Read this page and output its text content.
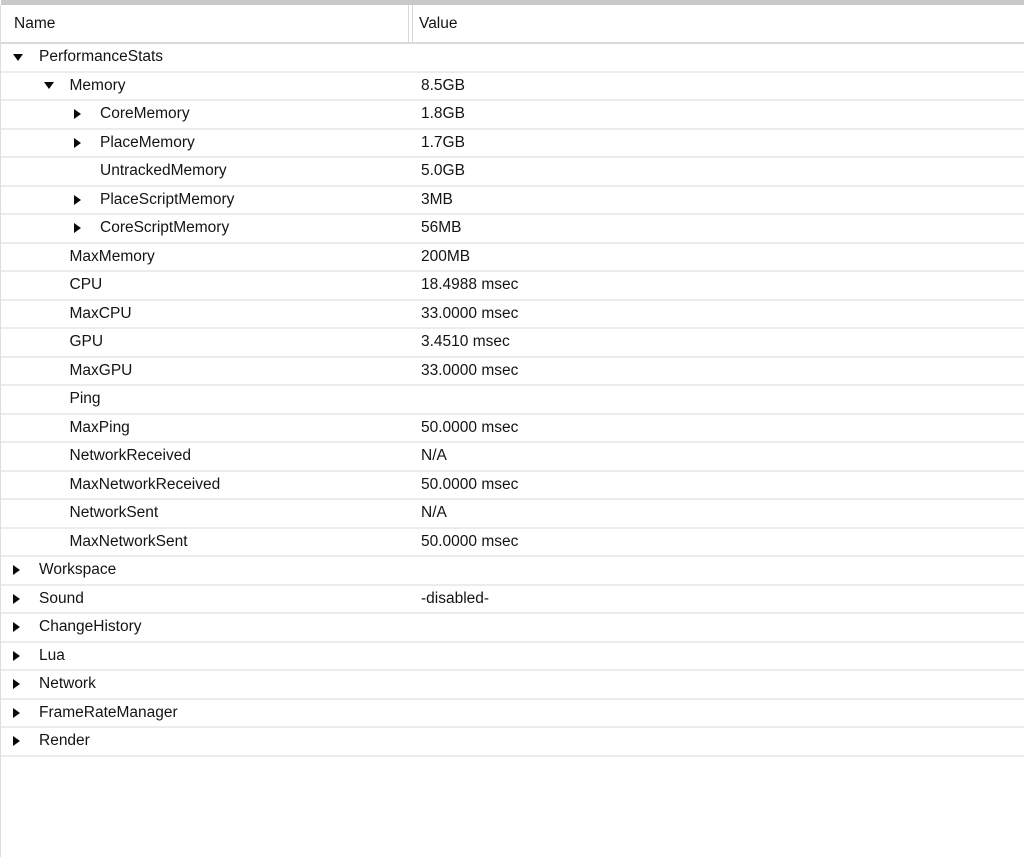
Name	Value
PerformanceStats
Memory	8.5GB
CoreMemory	1.8GB
PlaceMemory	1.7GB
UntrackedMemory	5.0GB
PlaceScriptMemory	3MB
CoreScriptMemory	56MB
MaxMemory	200MB
CPU	18.4988 msec
MaxCPU	33.0000 msec
GPU	3.4510 msec
MaxGPU	33.0000 msec
Ping
MaxPing	50.0000 msec
NetworkReceived	N/A
MaxNetworkReceived	50.0000 msec
NetworkSent	N/A
MaxNetworkSent	50.0000 msec
Workspace
Sound	-disabled-
ChangeHistory
Lua
Network
FrameRateManager
Render
